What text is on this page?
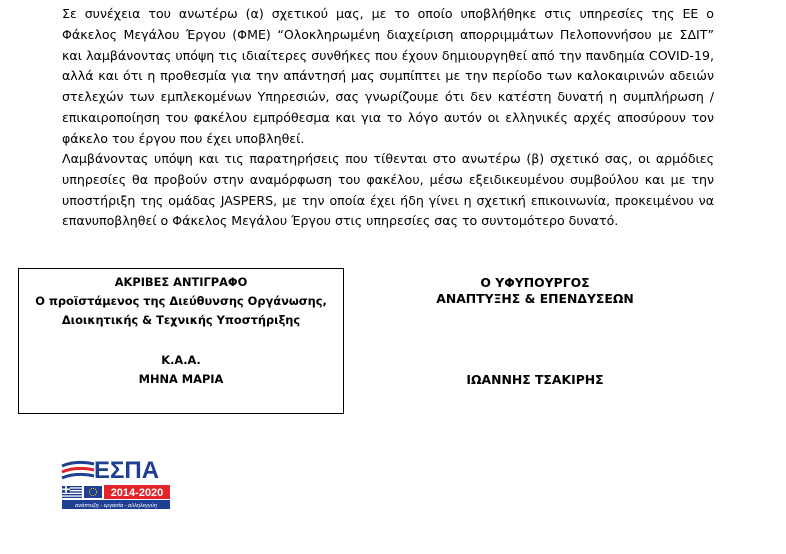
Σε συνέχεια του ανωτέρω (α) σχετικού μας, με το οποίο υποβλήθηκε στις υπηρεσίες της ΕΕ ο Φάκελος Μεγάλου Έργου (ΦΜΕ) “Ολοκληρωμένη διαχείριση απορριμμάτων Πελοποννήσου με ΣΔΙΤ” και λαμβάνοντας υπόψη τις ιδιαίτερες συνθήκες που έχουν δημιουργηθεί από την πανδημία COVID-19, αλλά και ότι η προθεσμία για την απάντησή μας συμπίπτει με την περίοδο των καλοκαιρινών αδειών στελεχών των εμπλεκομένων Υπηρεσιών, σας γνωρίζουμε ότι δεν κατέστη δυνατή η συμπλήρωση / επικαιροποίηση του φακέλου εμπρόθεσμα και για το λόγο αυτόν οι ελληνικές αρχές αποσύρουν τον φάκελο του έργου που έχει υποβληθεί.

Λαμβάνοντας υπόψη και τις παρατηρήσεις που τίθενται στο ανωτέρω (β) σχετικό σας, οι αρμόδιες υπηρεσίες θα προβούν στην αναμόρφωση του φακέλου, μέσω εξειδικευμένου συμβούλου και με την υποστήριξη της ομάδας JASPERS, με την οποία έχει ήδη γίνει η σχετική επικοινωνία, προκειμένου να επανυποβληθεί ο Φάκελος Μεγάλου Έργου στις υπηρεσίες σας το συντομότερο δυνατό.

ΑΚΡΙΒΕΣ ΑΝΤΙΓΡΑΦΟ
Ο προϊστάμενος της Διεύθυνσης Οργάνωσης,
Διοικητικής & Τεχνικής Υποστήριξης
Κ.Α.Α.
ΜΗΝΑ ΜΑΡΙΑ
Ο ΥΦΥΠΟΥΡΓΟΣ
ΑΝΑΠΤΥΞΗΣ & ΕΠΕΝΔΥΣΕΩΝ
ΙΩΑΝΝΗΣ ΤΣΑΚΙΡΗΣ
ΕΣΠΑ
2014-2020
ανάπτυξη - εργασία - αλληλεγγύη
